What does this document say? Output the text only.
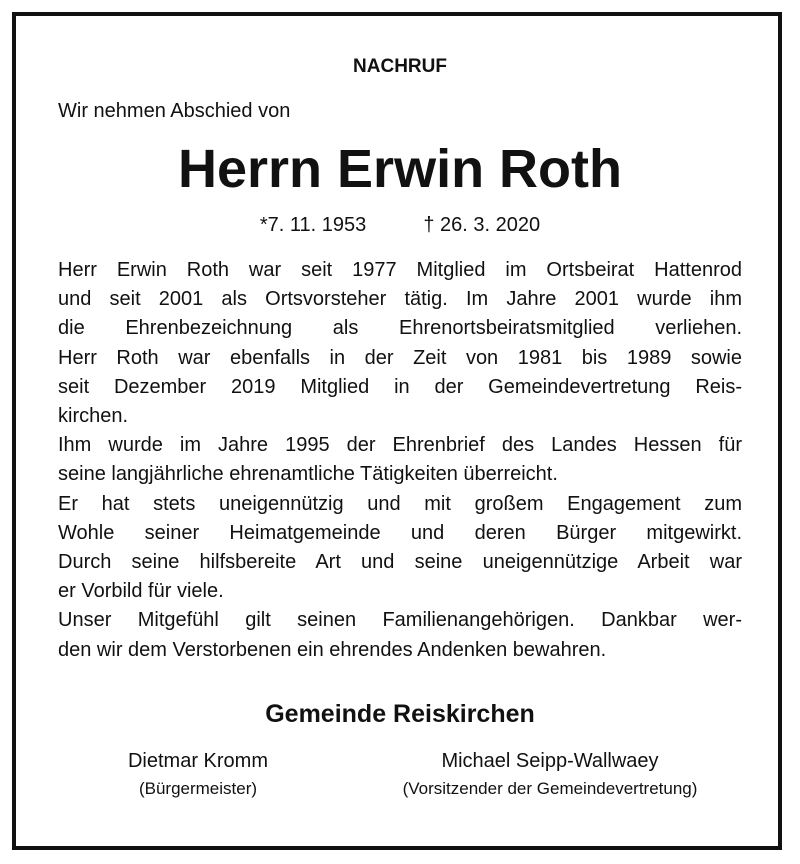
NACHRUF
Wir nehmen Abschied von
Herrn Erwin Roth
*7. 11. 1953	† 26. 3. 2020
Herr Erwin Roth war seit 1977 Mitglied im Ortsbeirat Hattenrod
und seit 2001 als Ortsvorsteher tätig. Im Jahre 2001 wurde ihm
die Ehrenbezeichnung als Ehrenortsbeiratsmitglied verliehen.
Herr Roth war ebenfalls in der Zeit von 1981 bis 1989 sowie
seit Dezember 2019 Mitglied in der Gemeindevertretung Reis-
kirchen.
Ihm wurde im Jahre 1995 der Ehrenbrief des Landes Hessen für
seine langjährliche ehrenamtliche Tätigkeiten überreicht.
Er hat stets uneigennützig und mit großem Engagement zum
Wohle seiner Heimatgemeinde und deren Bürger mitgewirkt.
Durch seine hilfsbereite Art und seine uneigennützige Arbeit war
er Vorbild für viele.
Unser Mitgefühl gilt seinen Familienangehörigen. Dankbar wer-
den wir dem Verstorbenen ein ehrendes Andenken bewahren.
Gemeinde Reiskirchen
Dietmar Kromm
(Bürgermeister)
Michael Seipp-Wallwaey
(Vorsitzender der Gemeindevertretung)
